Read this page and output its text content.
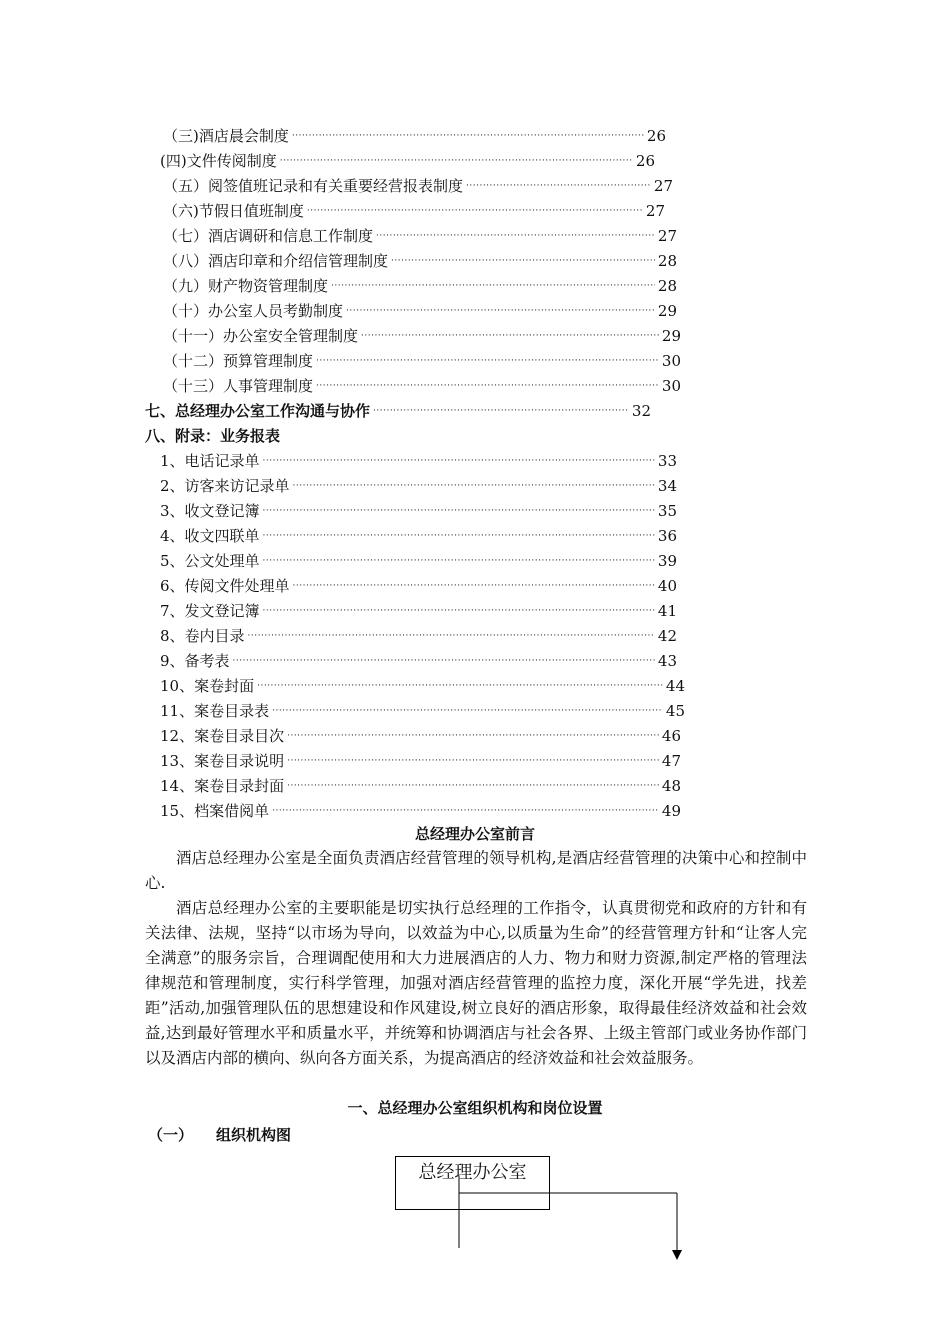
（三)酒店晨会制度 ·····	26
(四)文件传阅制度 ·····	26
（五）阅签值班记录和有关重要经营报表制度 ·····	27
（六)节假日值班制度 ·····	27
（七）酒店调研和信息工作制度 ·····	27
（八）酒店印章和介绍信管理制度 ·····	28
（九）财产物资管理制度 ·····	28
（十）办公室人员考勤制度 ·····	29
（十一）办公室安全管理制度 ·····	29
（十二）预算管理制度 ·····	30
（十三）人事管理制度 ·····	30
七、总经理办公室工作沟通与协作 ·····	32
八、附录：业务报表
1、电话记录单 ·····	33
2、访客来访记录单 ·····	34
3、收文登记簿 ·····	35
4、收文四联单 ·····	36
5、公文处理单 ·····	39
6、传阅文件处理单 ·····	40
7、发文登记簿 ·····	41
8、卷内目录 ·····	42
9、备考表 ·····	43
10、案卷封面 ·····	44
11、案卷目录表 ·····	45
12、案卷目录目次 ·····	46
13、案卷目录说明 ·····	47
14、案卷目录封面 ·····	48
15、档案借阅单 ·····	49
总经理办公室前言
酒店总经理办公室是全面负责酒店经营管理的领导机构,是酒店经营管理的决策中心和控制中心.
酒店总经理办公室的主要职能是切实执行总经理的工作指令，认真贯彻党和政府的方针和有关法律、法规，坚持“以市场为导向，以效益为中心,以质量为生命”的经营管理方针和“让客人完全满意”的服务宗旨，合理调配使用和大力进展酒店的人力、物力和财力资源,制定严格的管理法律规范和管理制度，实行科学管理，加强对酒店经营管理的监控力度，深化开展“学先进，找差距”活动,加强管理队伍的思想建设和作风建设,树立良好的酒店形象，取得最佳经济效益和社会效益,达到最好管理水平和质量水平，并统筹和协调酒店与社会各界、上级主管部门或业务协作部门以及酒店内部的横向、纵向各方面关系，为提高酒店的经济效益和社会效益服务。
一、总经理办公室组织机构和岗位设置
（一） 组织机构图
总经理办公室
